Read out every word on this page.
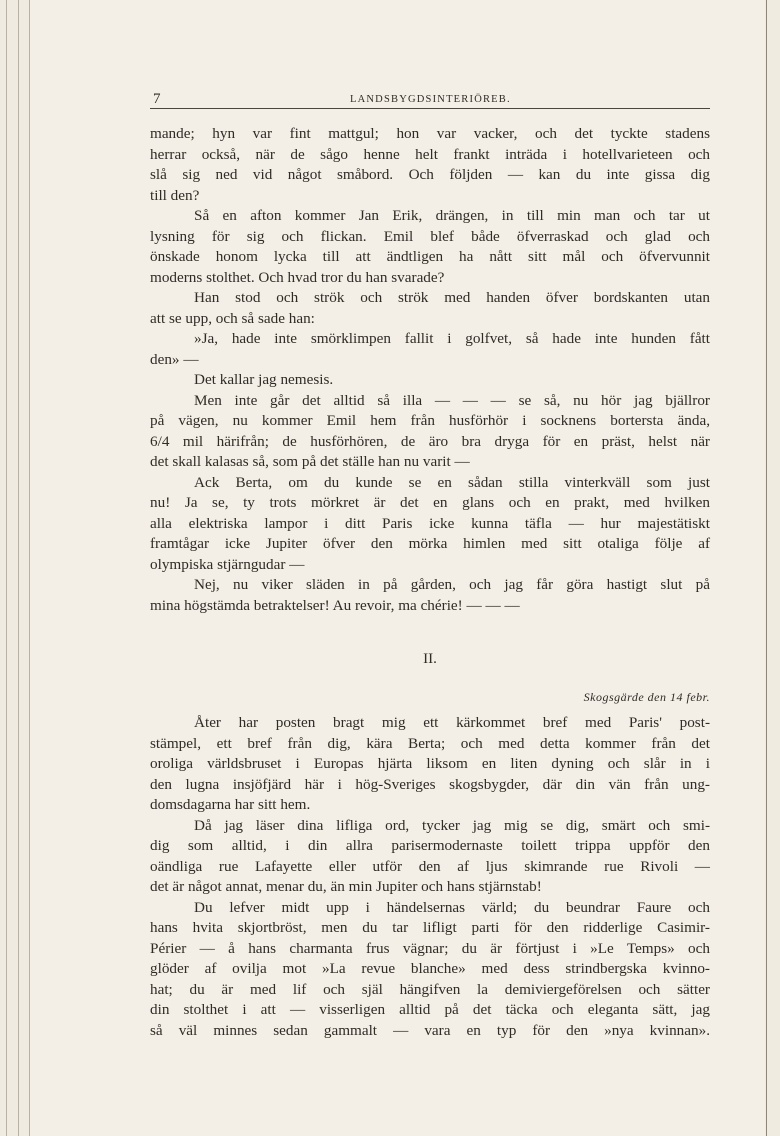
7	LANDSBYGDSINTERIÖREB.
mande; hyn var fint mattgul; hon var vacker, och det tyckte stadens
herrar också, när de sågo henne helt frankt inträda i hotellvarieteen och
slå sig ned vid något småbord. Och följden — kan du inte gissa dig
till den?
Så en afton kommer Jan Erik, drängen, in till min man och tar ut
lysning för sig och flickan. Emil blef både öfverraskad och glad och
önskade honom lycka till att ändtligen ha nått sitt mål och öfvervunnit
moderns stolthet. Och hvad tror du han svarade?
Han stod och strök och strök med handen öfver bordskanten utan
att se upp, och så sade han:
»Ja, hade inte smörklimpen fallit i golfvet, så hade inte hunden fått
den» —
Det kallar jag nemesis.
Men inte går det alltid så illa — — — se så, nu hör jag bjällror
på vägen, nu kommer Emil hem från husförhör i socknens bortersta ända,
6/4 mil härifrån; de husförhören, de äro bra dryga för en präst, helst när
det skall kalasas så, som på det ställe han nu varit —
Ack Berta, om du kunde se en sådan stilla vinterkväll som just
nu! Ja se, ty trots mörkret är det en glans och en prakt, med hvilken
alla elektriska lampor i ditt Paris icke kunna täfla — hur majestätiskt
framtågar icke Jupiter öfver den mörka himlen med sitt otaliga följe af
olympiska stjärngudar —
Nej, nu viker släden in på gården, och jag får göra hastigt slut på
mina högstämda betraktelser! Au revoir, ma chérie! — — —
II.
Skogsgärde den 14 febr.
Åter har posten bragt mig ett kärkommet bref med Paris' post-
stämpel, ett bref från dig, kära Berta; och med detta kommer från det
oroliga världsbruset i Europas hjärta liksom en liten dyning och slår in i
den lugna insjöfjärd här i hög-Sveriges skogsbygder, där din vän från ung-
domsdagarna har sitt hem.
Då jag läser dina lifliga ord, tycker jag mig se dig, smärt och smi-
dig som alltid, i din allra parisermodernaste toilett trippa uppför den
oändliga rue Lafayette eller utför den af ljus skimrande rue Rivoli —
det är något annat, menar du, än min Jupiter och hans stjärnstab!
Du lefver midt upp i händelsernas värld; du beundrar Faure och
hans hvita skjortbröst, men du tar lifligt parti för den ridderlige Casimir-
Périer — å hans charmanta frus vägnar; du är förtjust i »Le Temps» och
glöder af ovilja mot »La revue blanche» med dess strindbergska kvinno-
hat; du är med lif och själ hängifven la demiviergeförelsen och sätter
din stolthet i att — visserligen alltid på det täcka och eleganta sätt, jag
så väl minnes sedan gammalt — vara en typ för den »nya kvinnan».
